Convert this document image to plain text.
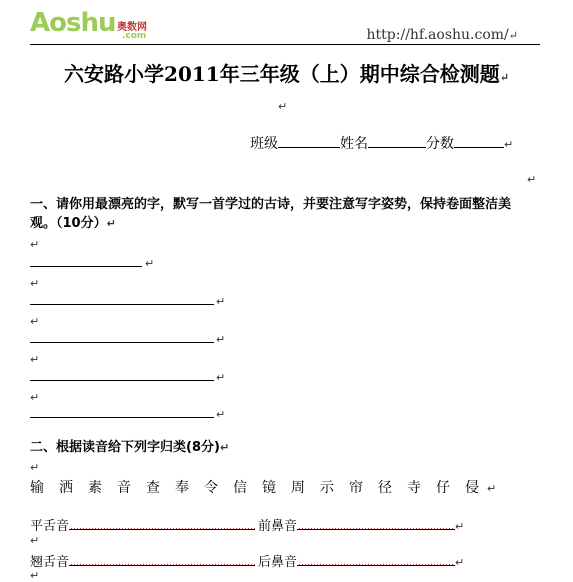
Aoshu 奥数网
.com	http://hf.aoshu.com/↵
六安路小学2011年三年级（上）期中综合检测题↵
↵
班级	姓名	分数	↵
↵
一、请你用最漂亮的字，默写一首学过的古诗，并要注意写字姿势，保持卷面整洁美观。（10分）↵
↵
↵
↵
↵
↵
↵
↵
↵
↵
↵
二、根据读音给下列字归类(8分)↵
↵
输 洒 素 音 查 奉 令 信 镜 周 示 帘 径 寺 仔 侵 ↵
平舌音	前鼻音	↵
↵
翘舌音	后鼻音	↵
↵
